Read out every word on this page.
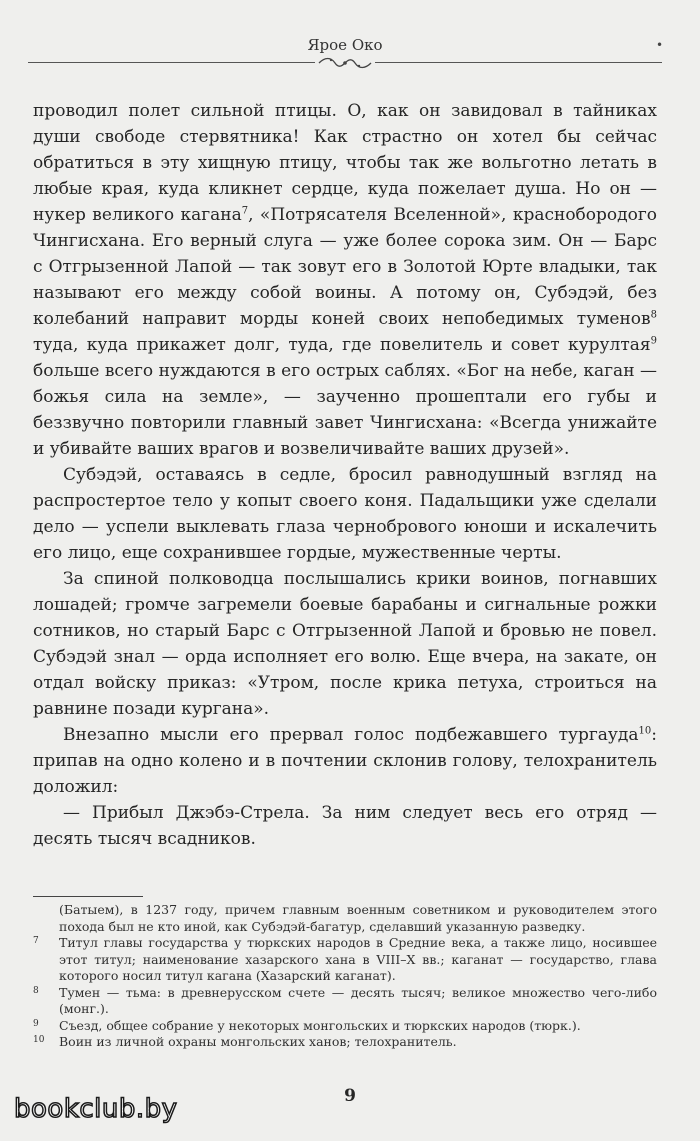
Ярое Око	•

проводил полет сильной птицы. О, как он завидовал в тайниках души свободе стервятника! Как страстно он хотел бы сейчас обратиться в эту хищную птицу, чтобы так же вольготно летать в любые края, куда кликнет сердце, куда пожелает душа. Но он — нукер великого кагана$^7$, «Потрясателя Вселенной», краснобородого Чингисхана. Его верный слуга — уже более сорока зим. Он — Барс с Отгрызенной Лапой — так зовут его в Золотой Юрте владыки, так называют его между собой воины. А потому он, Субэдэй, без колебаний направит морды коней своих непобедимых туменов$^8$ туда, куда прикажет долг, туда, где повелитель и совет курултая$^9$ больше всего нуждаются в его острых саблях. «Бог на небе, каган — божья сила на земле», — заученно прошептали его губы и беззвучно повторили главный завет Чингисхана: «Всегда унижайте и убивайте ваших врагов и возвеличивайте ваших друзей».

Субэдэй, оставаясь в седле, бросил равнодушный взгляд на распростертое тело у копыт своего коня. Падальщики уже сделали дело — успели выклевать глаза чернобрового юноши и искалечить его лицо, еще сохранившее гордые, мужественные черты.

За спиной полководца послышались крики воинов, погнавших лошадей; громче загремели боевые барабаны и сигнальные рожки сотников, но старый Барс с Отгрызенной Лапой и бровью не повел. Субэдэй знал — орда исполняет его волю. Еще вчера, на закате, он отдал войску приказ: «Утром, после крика петуха, строиться на равнине позади кургана».

Внезапно мысли его прервал голос подбежавшего тургауда$^{10}$: припав на одно колено и в почтении склонив голову, телохранитель доложил:

— Прибыл Джэбэ-Стрела. За ним следует весь его отряд — десять тысяч всадников.

(Батыем), в 1237 году, причем главным военным советником и руководителем этого похода был не кто иной, как Субэдэй-багатур, сделавший указанную разведку.
7 Титул главы государства у тюркских народов в Средние века, а также лицо, носившее этот титул; наименование хазарского хана в VIII–X вв.; каганат — государство, глава которого носил титул кагана (Хазарский каганат).
8 Тумен — тьма: в древнерусском счете — десять тысяч; великое множество чего-либо (монг.).
9 Съезд, общее собрание у некоторых монгольских и тюркских народов (тюрк.).
10 Воин из личной охраны монгольских ханов; телохранитель.
9
bookclub.by
